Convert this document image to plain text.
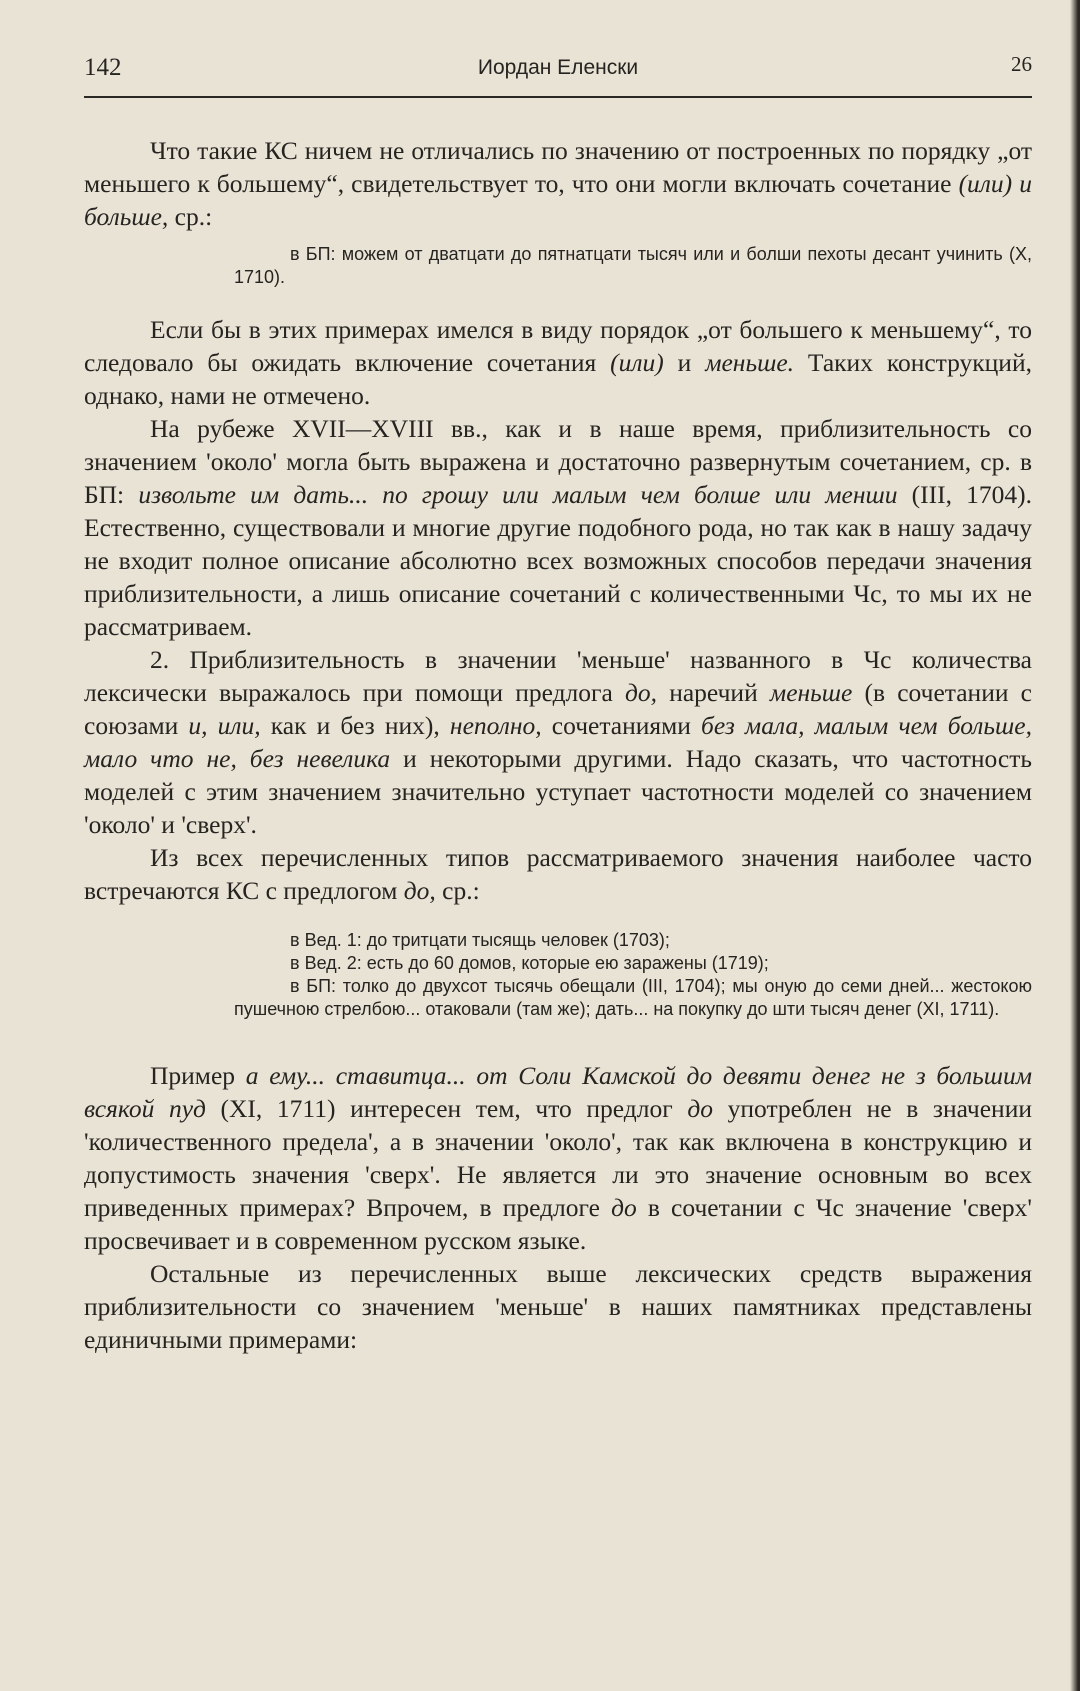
142	Иордан Еленски	26

Что такие КС ничем не отличались по значению от построенных по порядку „от меньшего к большему“, свидетельствует то, что они могли включать сочетание (или) и больше, ср.:

в БП: можем от дватцати до пятнатцати тысяч или и болши пехоты десант учинить (X, 1710).

Если бы в этих примерах имелся в виду порядок „от большего к меньшему“, то следовало бы ожидать включение сочетания (или) и меньше. Таких конструкций, однако, нами не отмечено.

На рубеже XVII—XVIII вв., как и в наше время, приблизительность со значением 'около' могла быть выражена и достаточно развернутым сочетанием, ср. в БП: извольте им дать... по грошу или малым чем болше или менши (III, 1704). Естественно, существовали и многие другие подобного рода, но так как в нашу задачу не входит полное описание абсолютно всех возможных способов передачи значения приблизительности, а лишь описание сочетаний с количественными Чс, то мы их не рассматриваем.

2. Приблизительность в значении 'меньше' названного в Чс количества лексически выражалось при помощи предлога до, наречий меньше (в сочетании с союзами и, или, как и без них), неполно, сочетаниями без мала, малым чем больше, мало что не, без невелика и некоторыми другими. Надо сказать, что частотность моделей с этим значением значительно уступает частотности моделей со значением 'около' и 'сверх'.

Из всех перечисленных типов рассматриваемого значения наиболее часто встречаются КС с предлогом до, ср.:

в Вед. 1: до тритцати тысящь человек (1703);

в Вед. 2: есть до 60 домов, которые ею заражены (1719);

в БП: толко до двухсот тысячь обещали (III, 1704); мы оную до семи дней... жестокою пушечною стрелбою... отаковали (там же); дать... на покупку до шти тысяч денег (XI, 1711).

Пример а ему... ставитца... от Соли Камской до девяти денег не з большим всякой пуд (XI, 1711) интересен тем, что предлог до употреблен не в значении 'количественного предела', а в значении 'около', так как включена в конструкцию и допустимость значения 'сверх'. Не является ли это значение основным во всех приведенных примерах? Впрочем, в предлоге до в сочетании с Чс значение 'сверх' просвечивает и в современном русском языке.

Остальные из перечисленных выше лексических средств выражения приблизительности со значением 'меньше' в наших памятниках представлены единичными примерами:
